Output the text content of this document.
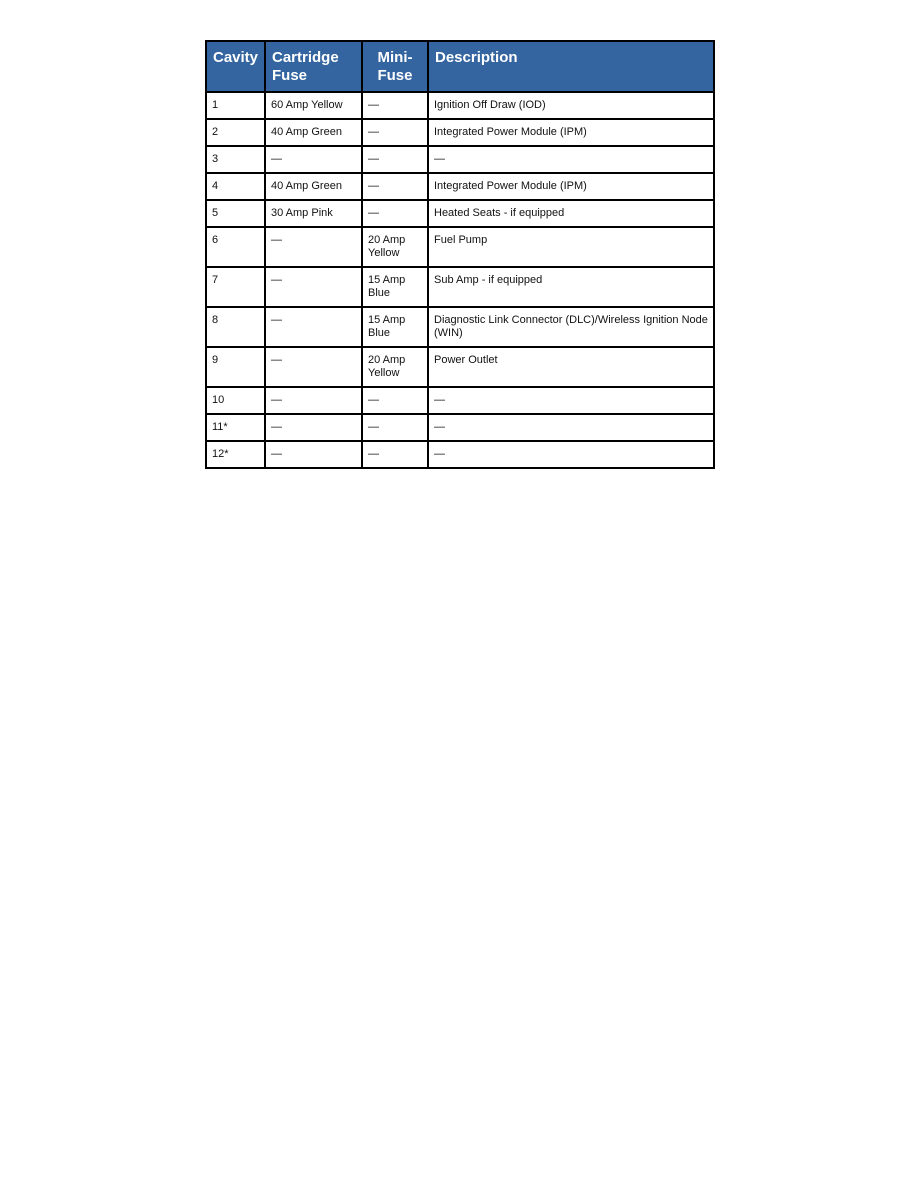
Cavity	Cartridge Fuse	Mini-Fuse	Description
1	60 Amp Yellow	—	Ignition Off Draw (IOD)
2	40 Amp Green	—	Integrated Power Module (IPM)
3	—	—	—
4	40 Amp Green	—	Integrated Power Module (IPM)
5	30 Amp Pink	—	Heated Seats - if equipped
6	—	20 Amp Yellow	Fuel Pump
7	—	15 Amp Blue	Sub Amp - if equipped
8	—	15 Amp Blue	Diagnostic Link Connector (DLC)/Wireless Ignition Node (WIN)
9	—	20 Amp Yellow	Power Outlet
10	—	—	—
11*	—	—	—
12*	—	—	—
